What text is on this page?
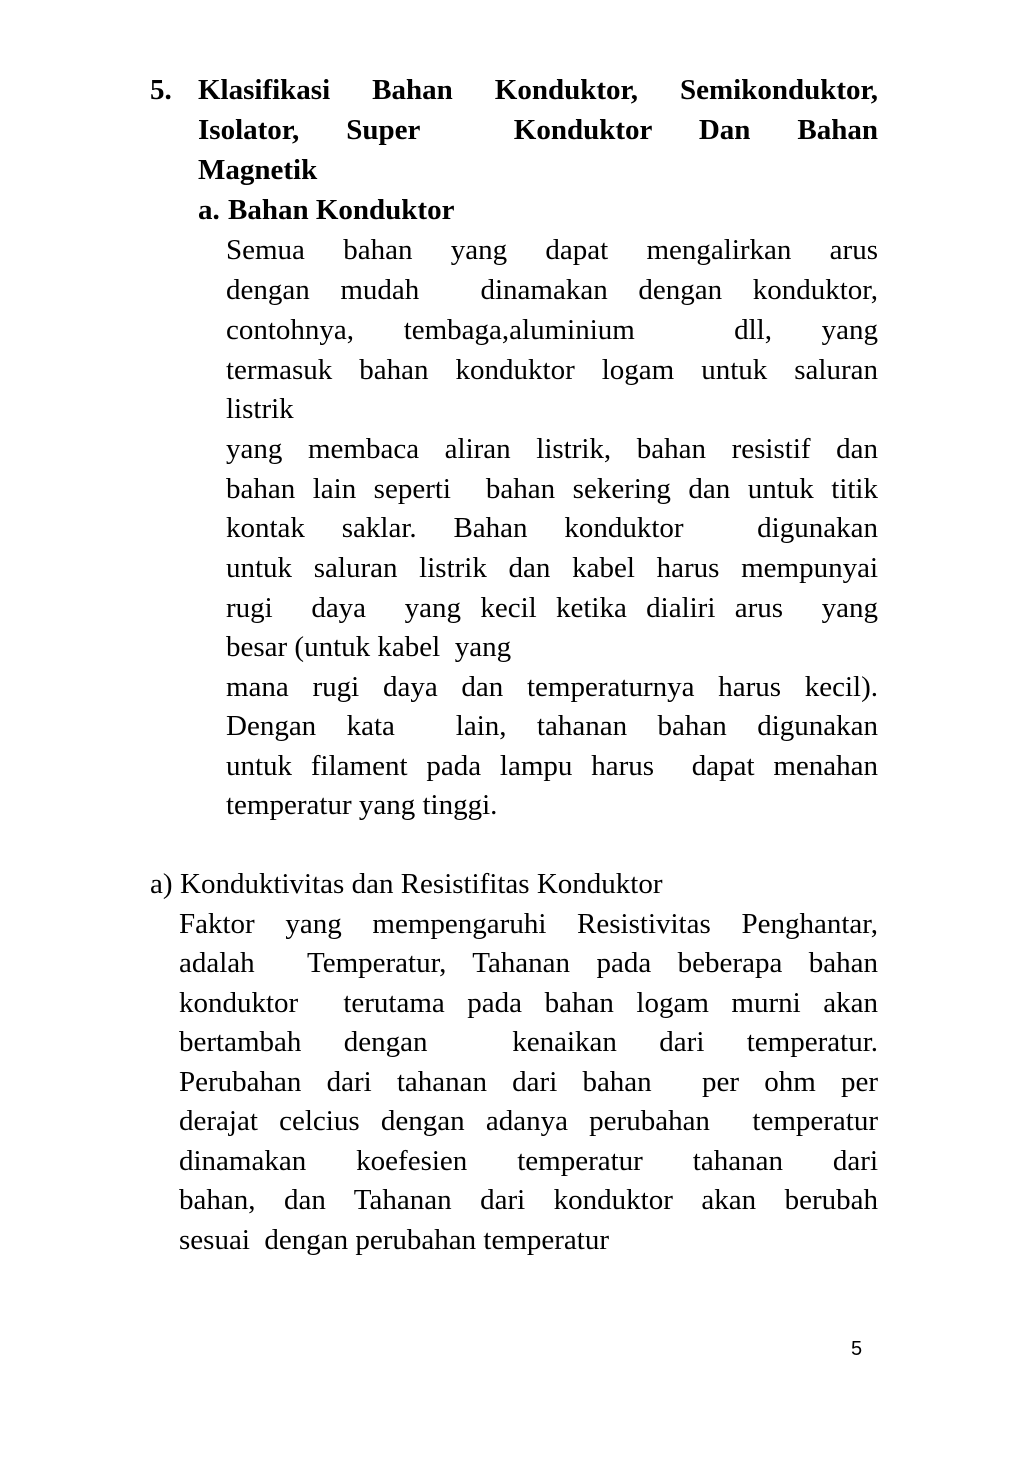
5. Klasifikasi Bahan Konduktor, Semikonduktor,
Isolator, Super  Konduktor Dan Bahan
Magnetik
a. Bahan Konduktor
Semua bahan yang dapat mengalirkan arus
dengan mudah  dinamakan dengan konduktor,
contohnya, tembaga,aluminium  dll, yang
termasuk bahan konduktor logam untuk saluran
listrik
yang membaca aliran listrik, bahan resistif dan
bahan lain seperti  bahan sekering dan untuk titik
kontak saklar. Bahan konduktor  digunakan
untuk saluran listrik dan kabel harus mempunyai
rugi  daya  yang kecil ketika dialiri arus  yang
besar (untuk kabel  yang
mana rugi daya dan temperaturnya harus kecil).
Dengan kata  lain, tahanan bahan digunakan
untuk filament pada lampu harus  dapat menahan
temperatur yang tinggi.
a) Konduktivitas dan Resistifitas Konduktor
Faktor yang mempengaruhi Resistivitas Penghantar,
adalah  Temperatur, Tahanan pada beberapa bahan
konduktor  terutama pada bahan logam murni akan
bertambah dengan  kenaikan dari temperatur.
Perubahan dari tahanan dari bahan  per ohm per
derajat celcius dengan adanya perubahan  temperatur
dinamakan koefesien temperatur tahanan dari
bahan, dan Tahanan dari konduktor akan berubah
sesuai  dengan perubahan temperatur
5
